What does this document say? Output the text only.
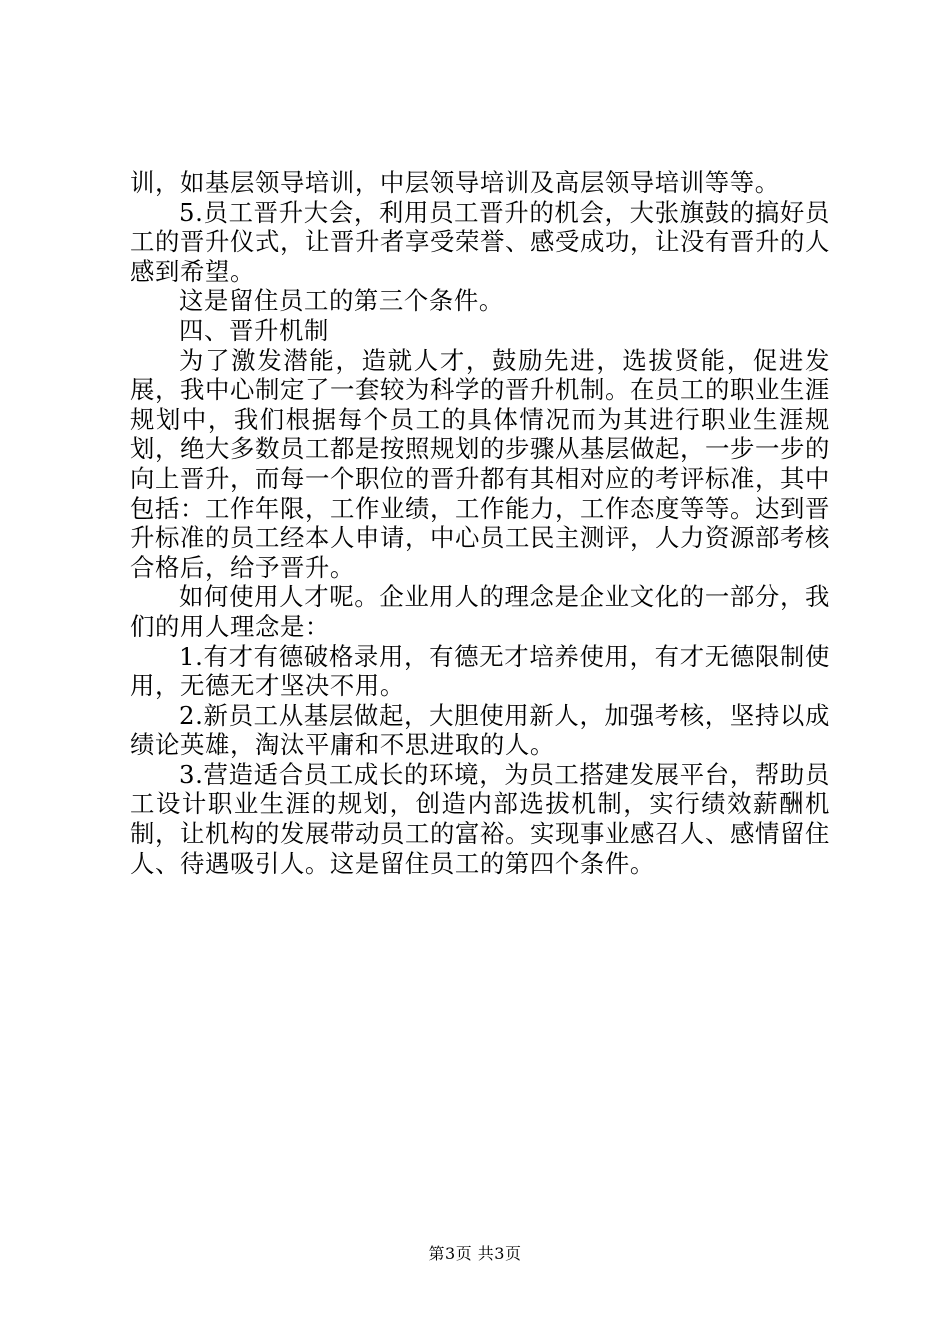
训，如基层领导培训，中层领导培训及高层领导培训等等。

5.员工晋升大会，利用员工晋升的机会，大张旗鼓的搞好员工的晋升仪式，让晋升者享受荣誉、感受成功，让没有晋升的人感到希望。

这是留住员工的第三个条件。

四、晋升机制

为了激发潜能，造就人才，鼓励先进，选拔贤能，促进发展，我中心制定了一套较为科学的晋升机制。在员工的职业生涯规划中，我们根据每个员工的具体情况而为其进行职业生涯规划，绝大多数员工都是按照规划的步骤从基层做起，一步一步的向上晋升，而每一个职位的晋升都有其相对应的考评标准，其中包括：工作年限，工作业绩，工作能力，工作态度等等。达到晋升标准的员工经本人申请，中心员工民主测评，人力资源部考核合格后，给予晋升。

如何使用人才呢。企业用人的理念是企业文化的一部分，我们的用人理念是：

1.有才有德破格录用，有德无才培养使用，有才无德限制使用，无德无才坚决不用。

2.新员工从基层做起，大胆使用新人，加强考核，坚持以成绩论英雄，淘汰平庸和不思进取的人。

3.营造适合员工成长的环境，为员工搭建发展平台，帮助员工设计职业生涯的规划，创造内部选拔机制，实行绩效薪酬机制，让机构的发展带动员工的富裕。实现事业感召人、感情留住人、待遇吸引人。这是留住员工的第四个条件。

第3页 共3页
